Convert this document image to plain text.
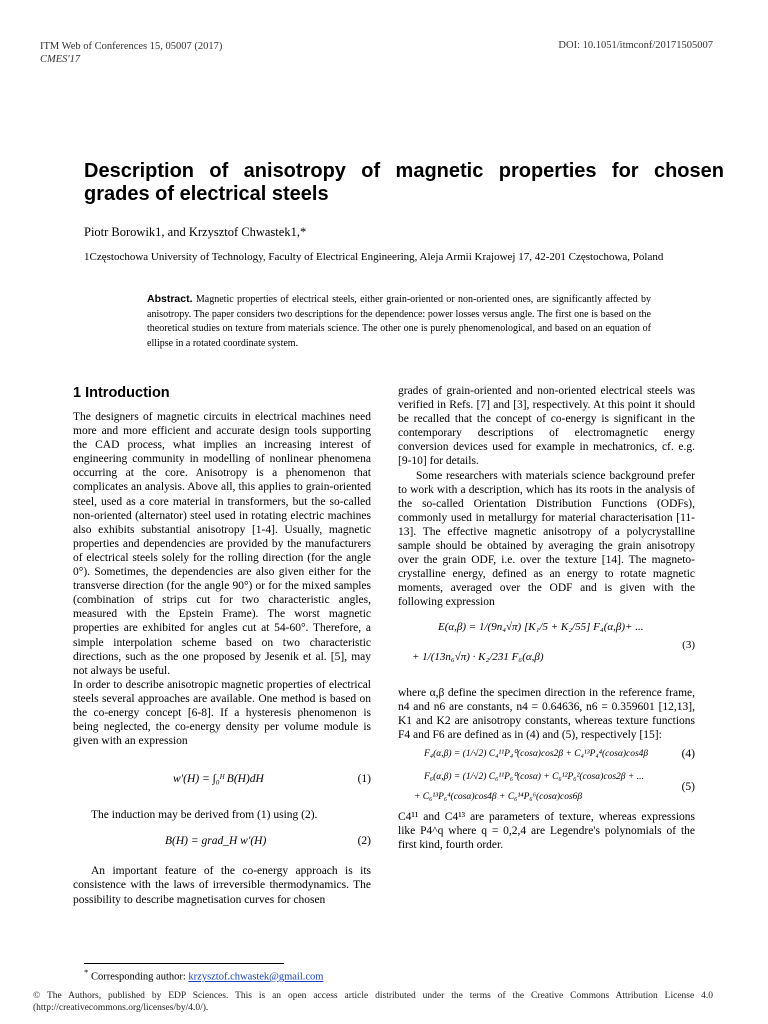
ITM Web of Conferences 15, 05007 (2017)
CMES'17
DOI: 10.1051/itmconf/20171505007
Description of anisotropy of magnetic properties for chosen grades of electrical steels
Piotr Borowik1, and Krzysztof Chwastek1,*
1Częstochowa University of Technology, Faculty of Electrical Engineering, Aleja Armii Krajowej 17, 42-201 Częstochowa, Poland
Abstract. Magnetic properties of electrical steels, either grain-oriented or non-oriented ones, are significantly affected by anisotropy. The paper considers two descriptions for the dependence: power losses versus angle. The first one is based on the theoretical studies on texture from materials science. The other one is purely phenomenological, and based on an equation of ellipse in a rotated coordinate system.
1 Introduction

The designers of magnetic circuits in electrical machines need more and more efficient and accurate design tools supporting the CAD process, what implies an increasing interest of engineering community in modelling of nonlinear phenomena occurring at the core. Anisotropy is a phenomenon that complicates an analysis. Above all, this applies to grain-oriented steel, used as a core material in transformers, but the so-called non-oriented (alternator) steel used in rotating electric machines also exhibits substantial anisotropy [1-4]. Usually, magnetic properties and dependencies are provided by the manufacturers of electrical steels solely for the rolling direction (for the angle 0°). Sometimes, the dependencies are also given either for the transverse direction (for the angle 90°) or for the mixed samples (combination of strips cut for two characteristic angles, measured with the Epstein Frame). The worst magnetic properties are exhibited for angles cut at 54-60°. Therefore, a simple interpolation scheme based on two characteristic directions, such as the one proposed by Jesenik et al. [5], may not always be useful.

In order to describe anisotropic magnetic properties of electrical steels several approaches are available. One method is based on the co-energy concept [6-8]. If a hysteresis phenomenon is being neglected, the co-energy density per volume module is given with an expression

w′(H) = ∫₀ᴴ B(H)dH	(1)

The induction may be derived from (1) using (2).

B(H) = grad_H w′(H)	(2)

An important feature of the co-energy approach is its consistence with the laws of irreversible thermodynamics. The possibility to describe magnetisation curves for chosen

grades of grain-oriented and non-oriented electrical steels was verified in Refs. [7] and [3], respectively. At this point it should be recalled that the concept of co-energy is significant in the contemporary descriptions of electromagnetic energy conversion devices used for example in mechatronics, cf. e.g. [9-10] for details.

Some researchers with materials science background prefer to work with a description, which has its roots in the analysis of the so-called Orientation Distribution Functions (ODFs), commonly used in metallurgy for material characterisation [11-13]. The effective magnetic anisotropy of a polycrystalline sample should be obtained by averaging the grain anisotropy over the grain ODF, i.e. over the texture [14]. The magneto-crystalline energy, defined as an energy to rotate magnetic moments, averaged over the ODF and is given with the following expression

E(α,β) = 1/(9n₄√π) [K₁/5 + K₂/55] F₄(α,β)+ ...
+ 1/(13n₆√π) · K₂/231 F₆(α,β)
(3)

where α,β define the specimen direction in the reference frame, n4 and n6 are constants, n4 = 0.64636, n6 = 0.359601 [12,13], K1 and K2 are anisotropy constants, whereas texture functions F4 and F6 are defined as in (4) and (5), respectively [15]:

F₄(α,β) = (1/√2) C₄¹¹P₄⁰(cosα)cos2β + C₄¹³P₄⁴(cosα)cos4β	(4)
F₆(α,β) = (1/√2) C₆¹¹P₆⁰(cosα) + C₆¹²P₆²(cosα)cos2β + ...
+ C₆¹³P₆⁴(cosα)cos4β + C₆¹⁴P₆⁶(cosα)cos6β
(5)

C4¹¹ and C4¹³ are parameters of texture, whereas expressions like P4^q where q = 0,2,4 are Legendre's polynomials of the first kind, fourth order.

* Corresponding author: krzysztof.chwastek@gmail.com
© The Authors, published by EDP Sciences. This is an open access article distributed under the terms of the Creative Commons Attribution License 4.0 (http://creativecommons.org/licenses/by/4.0/).
